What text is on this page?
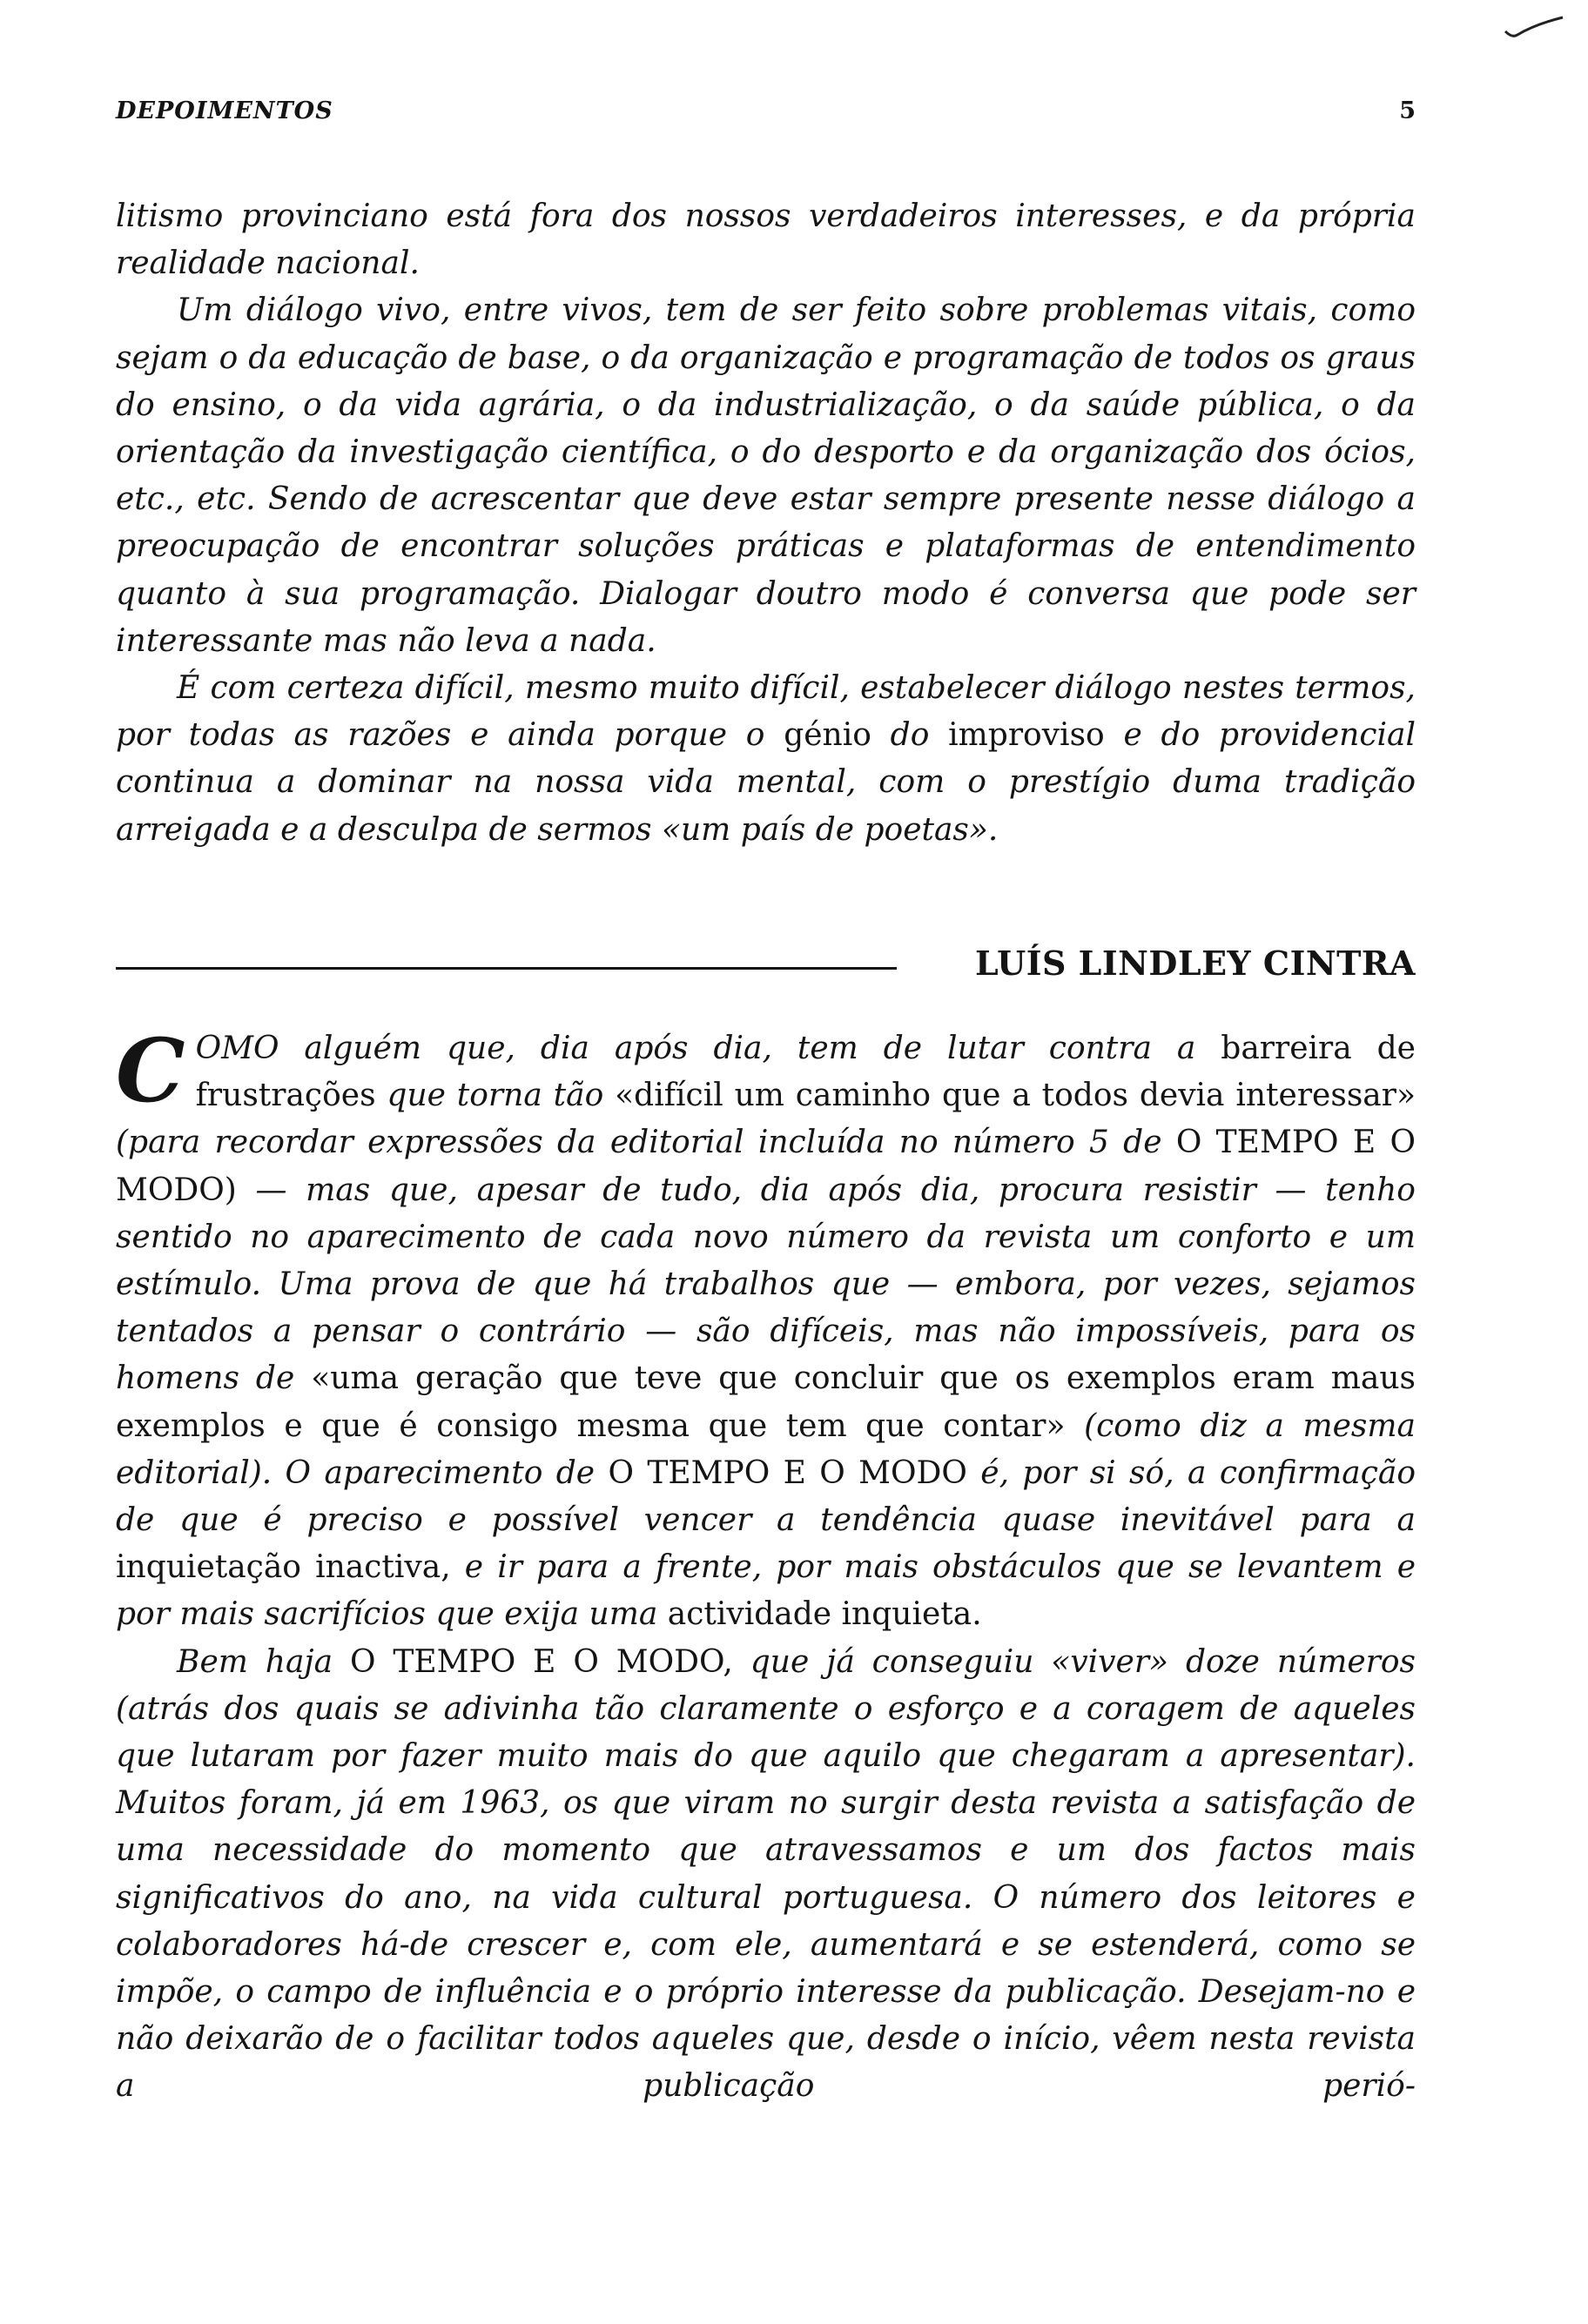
DEPOIMENTOS	5

litismo provinciano está fora dos nossos verdadeiros interesses, e da própria realidade nacional.

Um diálogo vivo, entre vivos, tem de ser feito sobre problemas vitais, como sejam o da educação de base, o da organização e programação de todos os graus do ensino, o da vida agrária, o da industrialização, o da saúde pública, o da orientação da investigação científica, o do desporto e da organização dos ócios, etc., etc. Sendo de acrescentar que deve estar sempre presente nesse diálogo a preocupação de encontrar soluções práticas e plataformas de entendimento quanto à sua programação. Dialogar doutro modo é conversa que pode ser interessante mas não leva a nada.

É com certeza difícil, mesmo muito difícil, estabelecer diálogo nestes termos, por todas as razões e ainda porque o génio do improviso e do providencial continua a dominar na nossa vida mental, com o prestígio duma tradição arreigada e a desculpa de sermos «um país de poetas».

LUÍS LINDLEY CINTRA

COMO alguém que, dia após dia, tem de lutar contra a barreira de frustrações que torna tão «difícil um caminho que a todos devia interessar» (para recordar expressões da editorial incluída no número 5 de O TEMPO E O MODO) — mas que, apesar de tudo, dia após dia, procura resistir — tenho sentido no aparecimento de cada novo número da revista um conforto e um estímulo. Uma prova de que há trabalhos que — embora, por vezes, sejamos tentados a pensar o contrário — são difíceis, mas não impossíveis, para os homens de «uma geração que teve que concluir que os exemplos eram maus exemplos e que é consigo mesma que tem que contar» (como diz a mesma editorial). O aparecimento de O TEMPO E O MODO é, por si só, a confirmação de que é preciso e possível vencer a tendência quase inevitável para a inquietação inactiva, e ir para a frente, por mais obstáculos que se levantem e por mais sacrifícios que exija uma actividade inquieta.

Bem haja O TEMPO E O MODO, que já conseguiu «viver» doze números (atrás dos quais se adivinha tão claramente o esforço e a coragem de aqueles que lutaram por fazer muito mais do que aquilo que chegaram a apresentar). Muitos foram, já em 1963, os que viram no surgir desta revista a satisfação de uma necessidade do momento que atravessamos e um dos factos mais significativos do ano, na vida cultural portuguesa. O número dos leitores e colaboradores há-de crescer e, com ele, aumentará e se estenderá, como se impõe, o campo de influência e o próprio interesse da publicação. Desejam-no e não deixarão de o facilitar todos aqueles que, desde o início, vêem nesta revista a publicação perió-
